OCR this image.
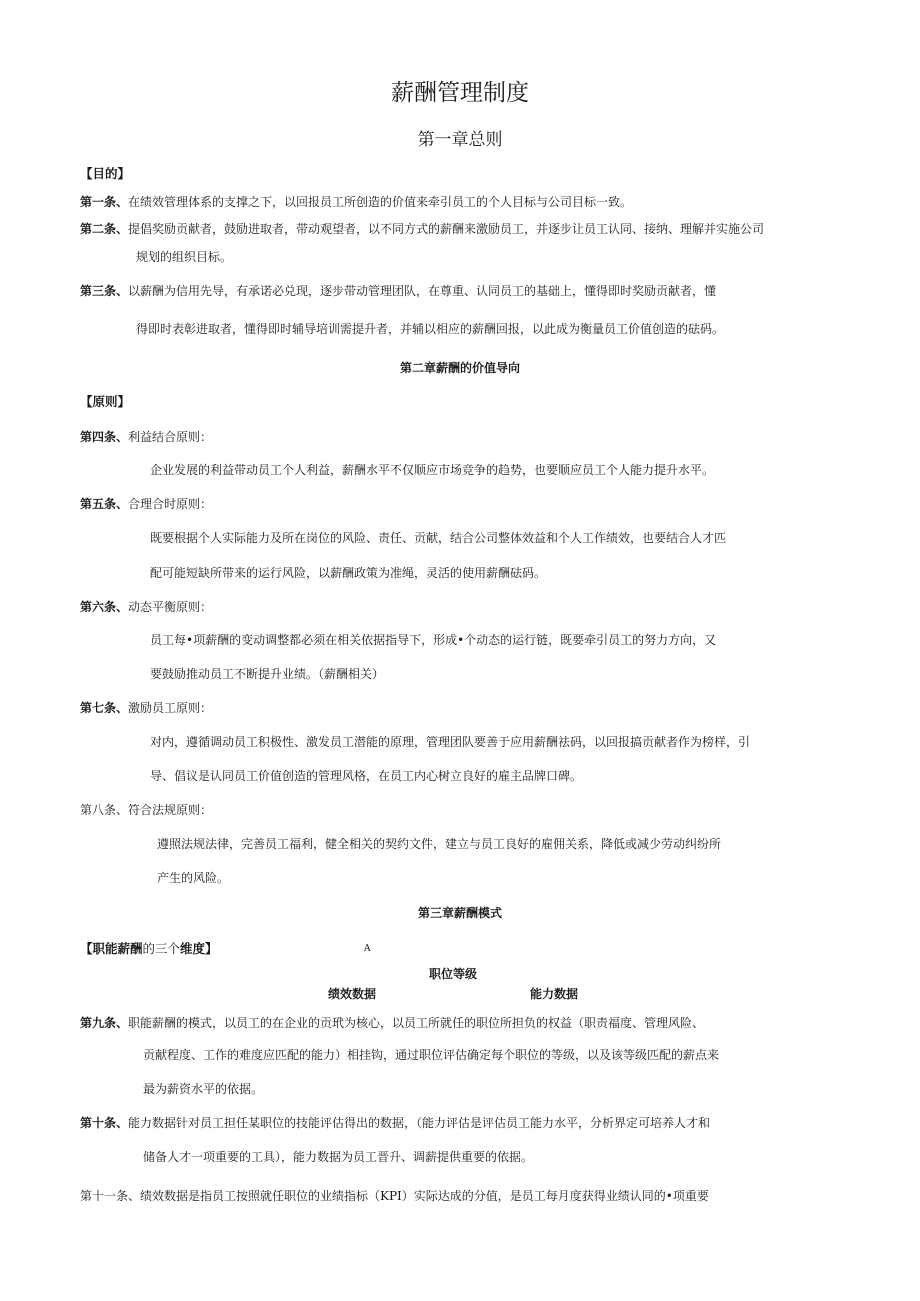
薪酬管理制度
第一章总则
【目的】
第一条、在绩效管理体系的支撑之下，以回报员工所创造的价值来牵引员工的个人目标与公司目标一致。
第二条、提倡奖励贡献者，鼓励进取者，带动观望者，以不同方式的薪酬来激励员工，并逐步让员工认同、接纳、理解并实施公司
规划的组织目标。
第三条、以薪酬为信用先导，有承诺必兑现，逐步带动管理团队，在尊重、认同员工的基础上，懂得即时奖励贡献者，懂
得即时表彰进取者，懂得即时辅导培训需提升者，并辅以相应的薪酬回报，以此成为衡量员工价值创造的砝码。
第二章薪酬的价值导向
【原则】
第四条、利益结合原则：
企业发展的利益带动员工个人利益，薪酬水平不仅顺应市场竞争的趋势，也要顺应员工个人能力提升水平。
第五条、合理合时原则：
既要根据个人实际能力及所在岗位的风险、责任、贡献，结合公司整体效益和个人工作绩效，也要结合人才匹
配可能短缺所带来的运行风险，以薪酬政策为准绳，灵活的使用薪酬砝码。
第六条、动态平衡原则：
员工每•项薪酬的变动调整都必须在相关依据指导下，形成•个动态的运行链，既要牵引员工的努力方向，又
要鼓励推动员工不断提升业绩。（薪酬相关）
第七条、激励员工原则：
对内，遵循调动员工积极性、激发员工潜能的原理，管理团队要善于应用薪酬祛码，以回报搞贡献者作为榜样，引
导、倡议是认同员工价值创造的管理风格，在员工内心树立良好的雇主品牌口碑。
第八条、符合法规原则：
遵照法规法律，完善员工福利，健全相关的契约文件，建立与员工良好的雇佣关系，降低或减少劳动纠纷所
产生的风险。
第三章薪酬模式
【职能薪酬的三个维度】	A
职位等级
绩效数据	能力数据
第九条、职能薪酬的模式，以员工的在企业的贡玳为核心，以员工所就任的职位所担负的权益（职责福度、管理风险、
贡献程度、工作的难度应匹配的能力）相挂钩，通过职位评估确定每个职位的等级，以及该等级匹配的薪点来
最为薪资水平的依据。
第十条、能力数据针对员工担任某职位的技能评估得出的数据，（能力评估是评估员工能力水平，分析界定可培养人才和
储备人才一项重要的工具），能力数据为员工晋升、调薪提供重要的依据。
第十一条、绩效数据是指员工按照就任职位的业绩指标（KPI）实际达成的分值，是员工每月度获得业绩认同的•项重要
